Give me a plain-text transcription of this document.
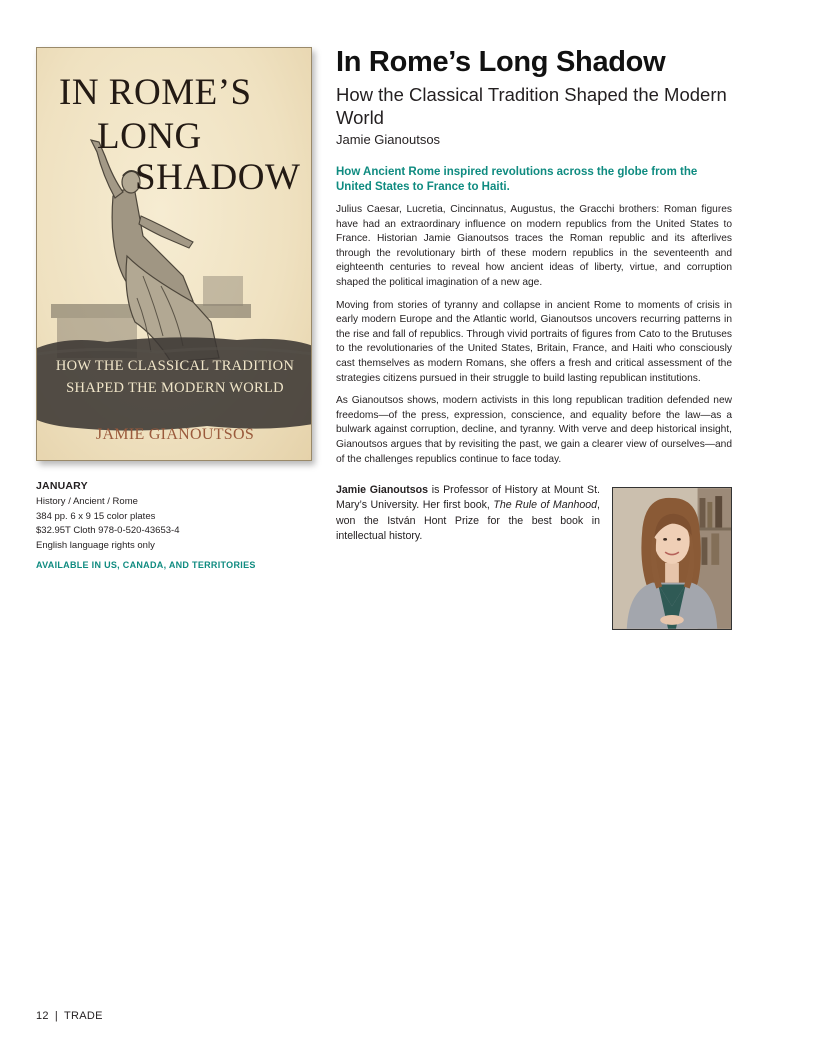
IN ROME’S
LONG
SHADOW

HOW THE CLASSICAL TRADITION

SHAPED THE MODERN WORLD

JAMIE GIANOUTSOS

JANUARY

History / Ancient / Rome

384 pp. 6 x 9 15 color plates

$32.95T Cloth 978-0-520-43653-4

English language rights only

AVAILABLE IN US, CANADA, AND TERRITORIES

In Rome’s Long Shadow
How the Classical Tradition Shaped the Modern World

Jamie Gianoutsos

How Ancient Rome inspired revolutions across the globe from the United States to France to Haiti.

Julius Caesar, Lucretia, Cincinnatus, Augustus, the Gracchi brothers: Roman figures have had an extraordinary influence on modern republics from the United States to France. Historian Jamie Gianoutsos traces the Roman republic and its afterlives through the revolutionary birth of these modern republics in the seventeenth and eighteenth centuries to reveal how ancient ideas of liberty, virtue, and corruption shaped the political imagination of a new age.

Moving from stories of tyranny and collapse in ancient Rome to moments of crisis in early modern Europe and the Atlantic world, Gianoutsos uncovers recurring patterns in the rise and fall of republics. Through vivid portraits of figures from Cato to the Brutuses to the revolutionaries of the United States, Britain, France, and Haiti who consciously cast themselves as modern Romans, she offers a fresh and critical assessment of the strategies citizens pursued in their struggle to build lasting republican institutions.

As Gianoutsos shows, modern activists in this long republican tradition defended new freedoms—of the press, expression, conscience, and equality before the law—as a bulwark against corruption, decline, and tyranny. With verve and deep historical insight, Gianoutsos argues that by revisiting the past, we gain a clearer view of ourselves—and of the challenges republics continue to face today.

Jamie Gianoutsos is Professor of History at Mount St. Mary’s University. Her first book, The Rule of Manhood, won the István Hont Prize for the best book in intellectual history.

12 | TRADE
